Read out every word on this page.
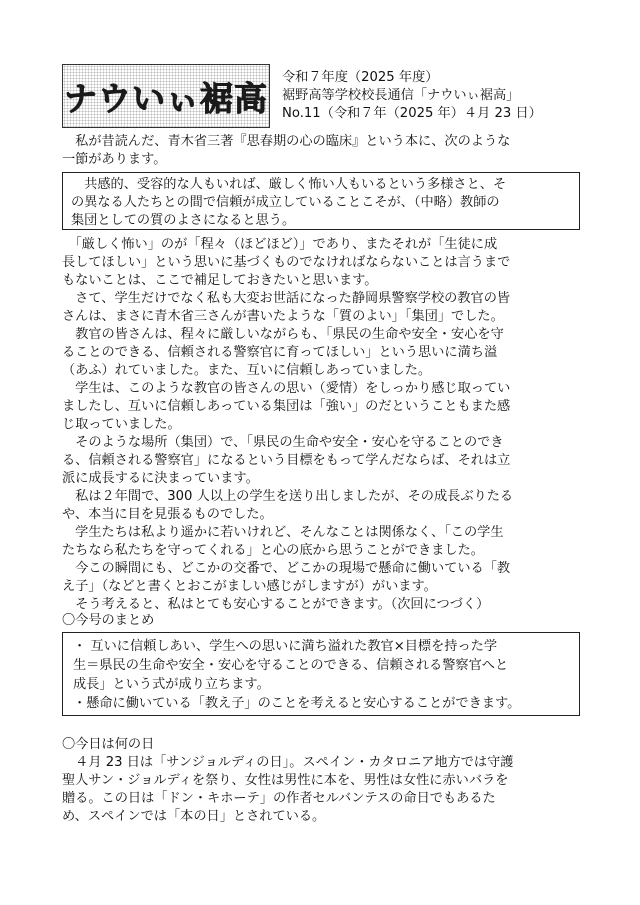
ナウいぃ裾高
令和７年度（2025 年度）
裾野高等学校校長通信「ナウいぃ裾高」
No.11（令和７年（2025 年）４月 23 日）
　私が昔読んだ、青木省三著『思春期の心の臨床』という本に、次のような
一節があります。
　共感的、受容的な人もいれば、厳しく怖い人もいるという多様さと、そ
の異なる人たちとの間で信頼が成立していることこそが、（中略）教師の
集団としての質のよさになると思う。
　「厳しく怖い」のが「程々（ほどほど）」であり、またそれが「生徒に成
長してほしい」という思いに基づくものでなければならないことは言うまで
もないことは、ここで補足しておきたいと思います。
　さて、学生だけでなく私も大変お世話になった静岡県警察学校の教官の皆
さんは、まさに青木省三さんが書いたような「質のよい」「集団」でした。
　教官の皆さんは、程々に厳しいながらも、「県民の生命や安全・安心を守
ることのできる、信頼される警察官に育ってほしい」という思いに満ち溢
（あふ）れていました。また、互いに信頼しあっていました。
　学生は、このような教官の皆さんの思い（愛情）をしっかり感じ取ってい
ましたし、互いに信頼しあっている集団は「強い」のだということもまた感
じ取っていました。
　そのような場所（集団）で、「県民の生命や安全・安心を守ることのでき
る、信頼される警察官」になるという目標をもって学んだならば、それは立
派に成長するに決まっています。
　私は２年間で、300 人以上の学生を送り出しましたが、その成長ぶりたる
や、本当に目を見張るものでした。
　学生たちは私より遥かに若いけれど、そんなことは関係なく、「この学生
たちなら私たちを守ってくれる」と心の底から思うことができました。
　今この瞬間にも、どこかの交番で、どこかの現場で懸命に働いている「教
え子」（などと書くとおこがましい感じがしますが）がいます。
　そう考えると、私はとても安心することができます。（次回につづく）
〇今号のまとめ
・ 互いに信頼しあい、学生への思いに満ち溢れた教官×目標を持った学
生＝県民の生命や安全・安心を守ることのできる、信頼される警察官へと
成長」という式が成り立ちます。
・懸命に働いている「教え子」のことを考えると安心することができます。
〇今日は何の日
　４月 23 日は「サンジョルディの日」。スペイン・カタロニア地方では守護
聖人サン・ジョルディを祭り、女性は男性に本を、男性は女性に赤いバラを
贈る。この日は「ドン・キホーテ」の作者セルバンテスの命日でもあるた
め、スペインでは「本の日」とされている。
